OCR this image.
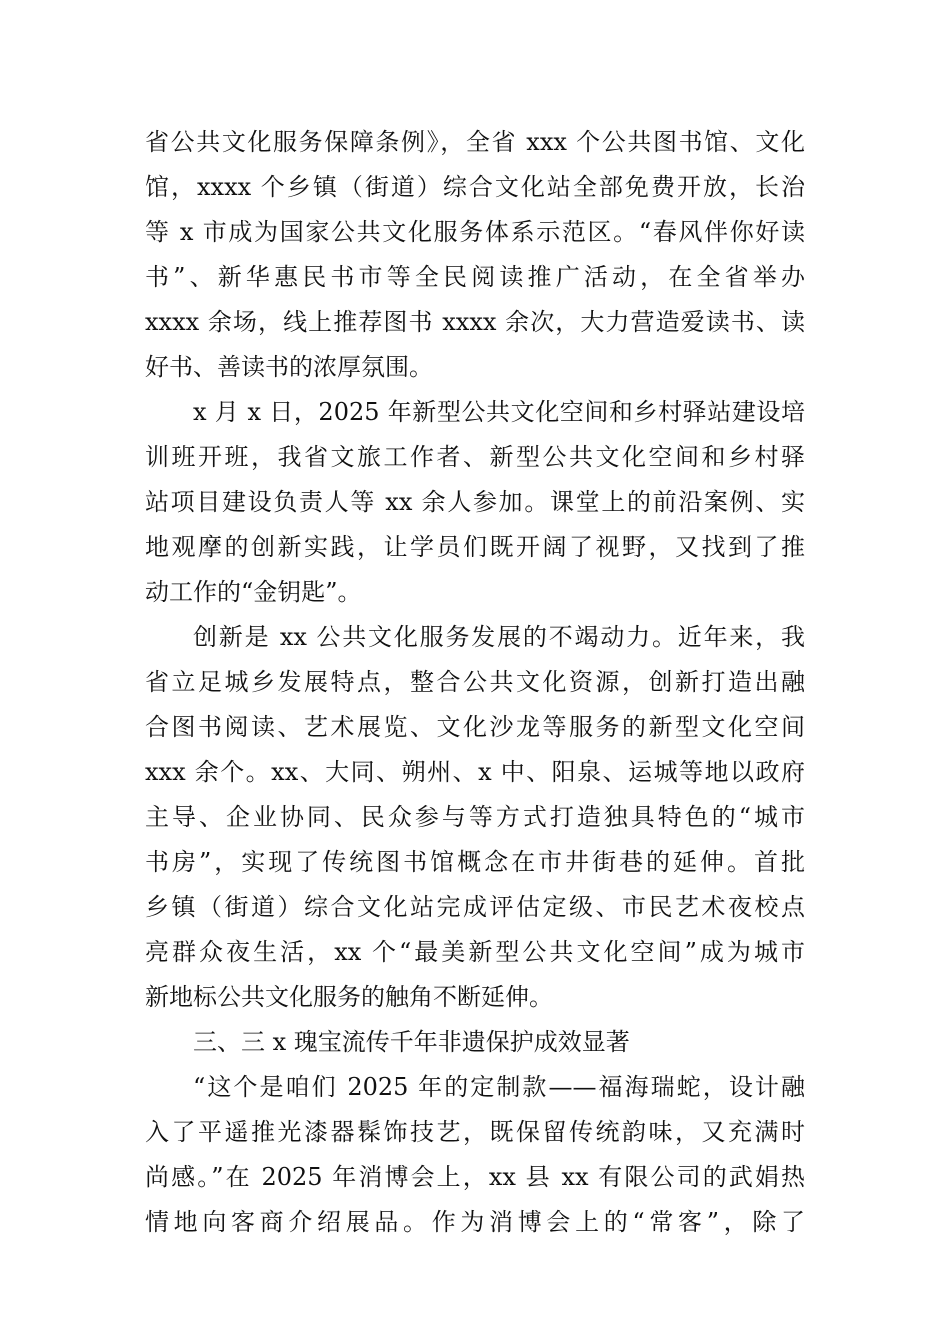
省公共文化服务保障条例》，全省 xxx 个公共图书馆、文化

馆，xxxx 个乡镇（街道）综合文化站全部免费开放，长治

等 x 市成为国家公共文化服务体系示范区。“春风伴你好读

书”、新华惠民书市等全民阅读推广活动，在全省举办

xxxx 余场，线上推荐图书 xxxx 余次，大力营造爱读书、读

好书、善读书的浓厚氛围。

x 月 x 日，2025 年新型公共文化空间和乡村驿站建设培

训班开班，我省文旅工作者、新型公共文化空间和乡村驿

站项目建设负责人等 xx 余人参加。课堂上的前沿案例、实

地观摩的创新实践，让学员们既开阔了视野，又找到了推

动工作的“金钥匙”。

创新是 xx 公共文化服务发展的不竭动力。近年来，我

省立足城乡发展特点，整合公共文化资源，创新打造出融

合图书阅读、艺术展览、文化沙龙等服务的新型文化空间

xxx 余个。xx、大同、朔州、x 中、阳泉、运城等地以政府

主导、企业协同、民众参与等方式打造独具特色的“城市

书房”，实现了传统图书馆概念在市井街巷的延伸。首批

乡镇（街道）综合文化站完成评估定级、市民艺术夜校点

亮群众夜生活，xx 个“最美新型公共文化空间”成为城市

新地标公共文化服务的触角不断延伸。

三、三 x 瑰宝流传千年非遗保护成效显著

“这个是咱们 2025 年的定制款——福海瑞蛇，设计融

入了平遥推光漆器髹饰技艺，既保留传统韵味，又充满时

尚感。”在 2025 年消博会上，xx 县 xx 有限公司的武娟热

情地向客商介绍展品。作为消博会上的“常客”，除了
